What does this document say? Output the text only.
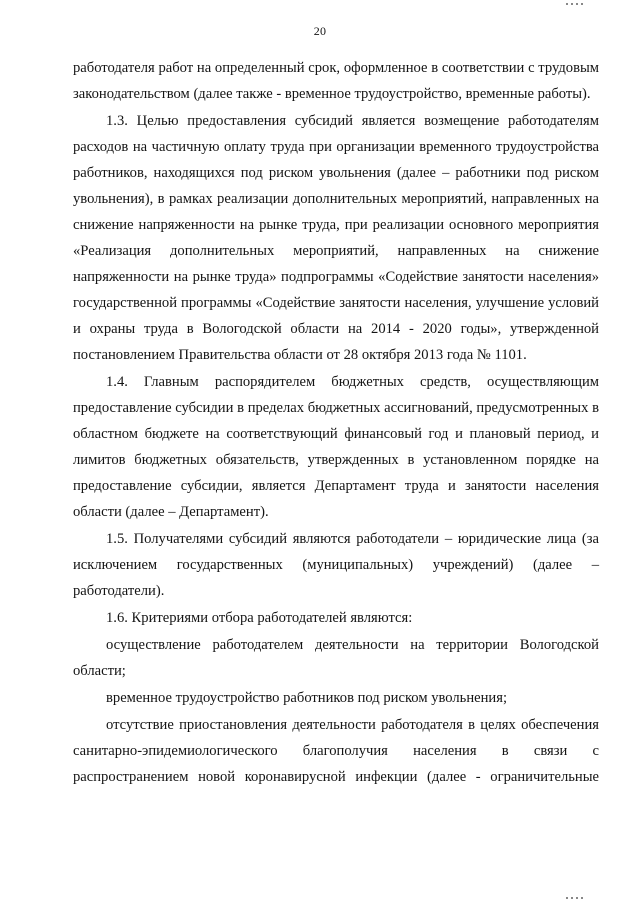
20

работодателя работ на определенный срок, оформленное в соответствии с трудовым законодательством (далее также - временное трудоустройство, временные работы).

1.3. Целью предоставления субсидий является возмещение работодателям расходов на частичную оплату труда при организации временного трудоустройства работников, находящихся под риском увольнения (далее – работники под риском увольнения), в рамках реализации дополнительных мероприятий, направленных на снижение напряженности на рынке труда, при реализации основного мероприятия «Реализация дополнительных мероприятий, направленных на снижение напряженности на рынке труда» подпрограммы «Содействие занятости населения» государственной программы «Содействие занятости населения, улучшение условий и охраны труда в Вологодской области на 2014 - 2020 годы», утвержденной постановлением Правительства области от 28 октября 2013 года № 1101.

1.4. Главным распорядителем бюджетных средств, осуществляющим предоставление субсидии в пределах бюджетных ассигнований, предусмотренных в областном бюджете на соответствующий финансовый год и плановый период, и лимитов бюджетных обязательств, утвержденных в установленном порядке на предоставление субсидии, является Департамент труда и занятости населения области (далее – Департамент).

1.5. Получателями субсидий являются работодатели – юридические лица (за исключением государственных (муниципальных) учреждений) (далее – работодатели).

1.6. Критериями отбора работодателей являются:

осуществление работодателем деятельности на территории Вологодской области;

временное трудоустройство работников под риском увольнения;

отсутствие приостановления деятельности работодателя в целях обеспечения санитарно-эпидемиологического благополучия населения в связи с распространением новой коронавирусной инфекции (далее - ограничительные
